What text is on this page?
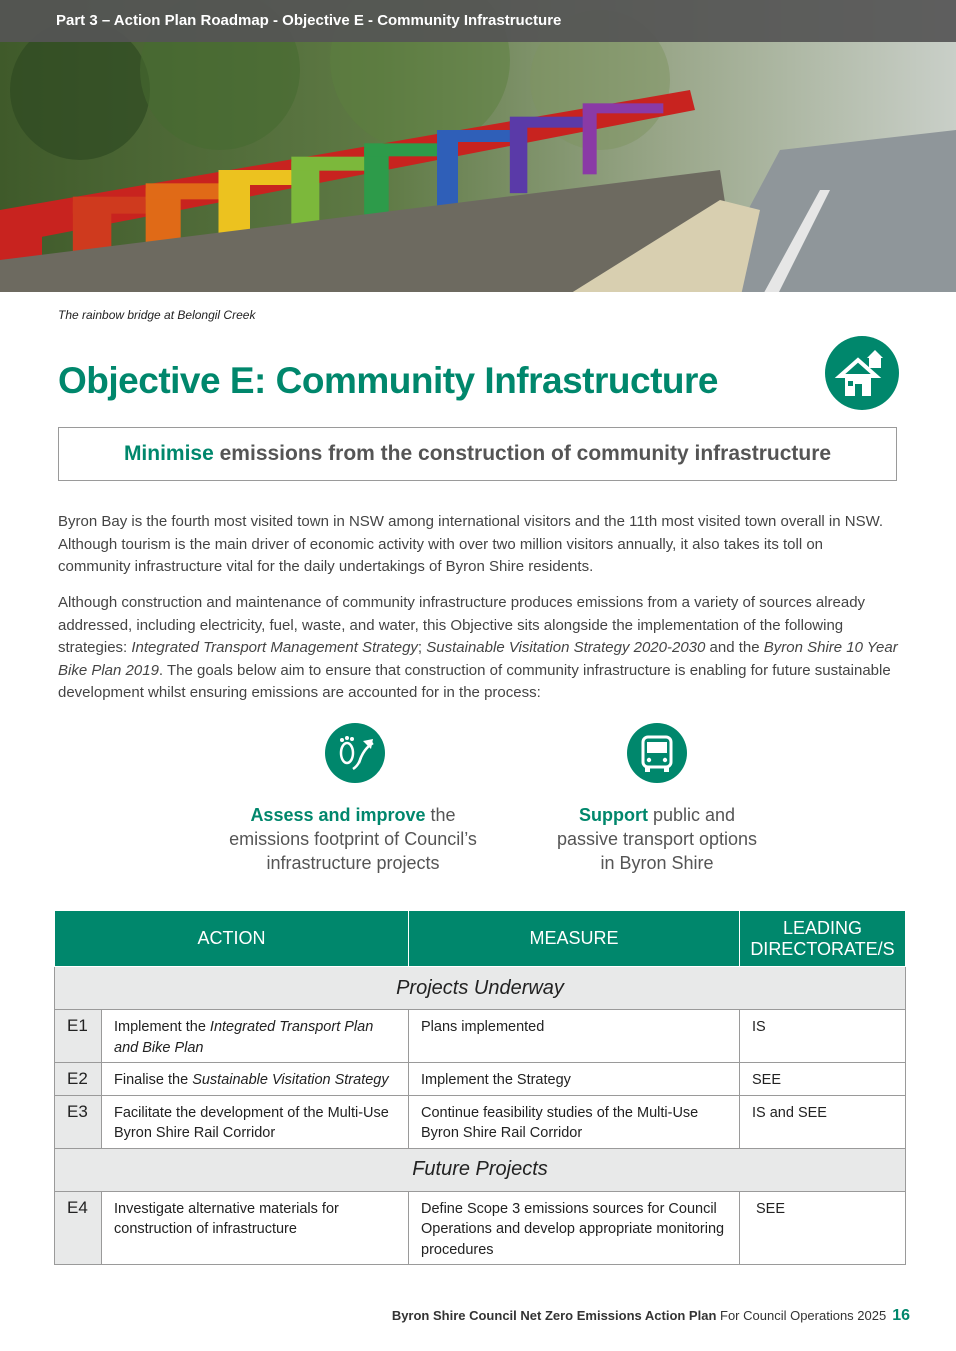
Part 3 – Action Plan Roadmap - Objective E - Community Infrastructure
The rainbow bridge at Belongil Creek
Objective E: Community Infrastructure
Minimise emissions from the construction of community infrastructure

Byron Bay is the fourth most visited town in NSW among international visitors and the 11th most visited town overall in NSW. Although tourism is the main driver of economic activity with over two million visitors annually, it also takes its toll on community infrastructure vital for the daily undertakings of Byron Shire residents.

Although construction and maintenance of community infrastructure produces emissions from a variety of sources already addressed, including electricity, fuel, waste, and water, this Objective sits alongside the implementation of the following strategies: Integrated Transport Management Strategy; Sustainable Visitation Strategy 2020-2030 and the Byron Shire 10 Year Bike Plan 2019. The goals below aim to ensure that construction of community infrastructure is enabling for future sustainable development whilst ensuring emissions are accounted for in the process:

Assess and improve the
emissions footprint of Council’s
infrastructure projects
Support public and
passive transport options
in Byron Shire
ACTION		MEASURE	LEADING
DIRECTORATE/S

Projects Underway			
E1	Implement the Integrated Transport Plan and Bike Plan	Plans implemented	IS
E2	Finalise the Sustainable Visitation Strategy	Implement the Strategy	SEE
E3	Facilitate the development of the Multi-Use Byron Shire Rail Corridor	Continue feasibility studies of the Multi-Use Byron Shire Rail Corridor	IS and SEE
Future Projects			
E4	Investigate alternative materials for construction of infrastructure	Define Scope 3 emissions sources for Council Operations and develop appropriate monitoring procedures	SEE
Byron Shire Council Net Zero Emissions Action Plan For Council Operations 2025 16
